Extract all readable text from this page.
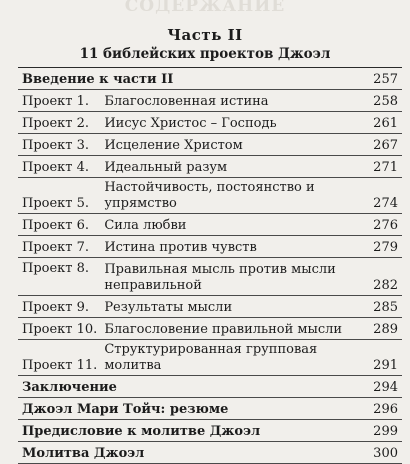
СОДЕРЖАНИЕ
Часть II
11 библейских проектов Джоэл
Введение к части II		257
Проект 1.	Благословенная истина	258
Проект 2.	Иисус Христос – Господь	261
Проект 3.	Исцеление Христом	267
Проект 4.	Идеальный разум	271
Проект 5.	Настойчивость, постоянство и упрямство	274
Проект 6.	Сила любви	276
Проект 7.	Истина против чувств	279
Проект 8.	Правильная мысль против мысли
неправильной	282
Проект 9.	Результаты мысли	285
Проект 10.	Благословение правильной мысли	289
Проект 11.	Структурированная групповая молитва	291
Заключение		294
Джоэл Мари Тойч: резюме		296
Предисловие к молитве Джоэл		299
Молитва Джоэл		300
